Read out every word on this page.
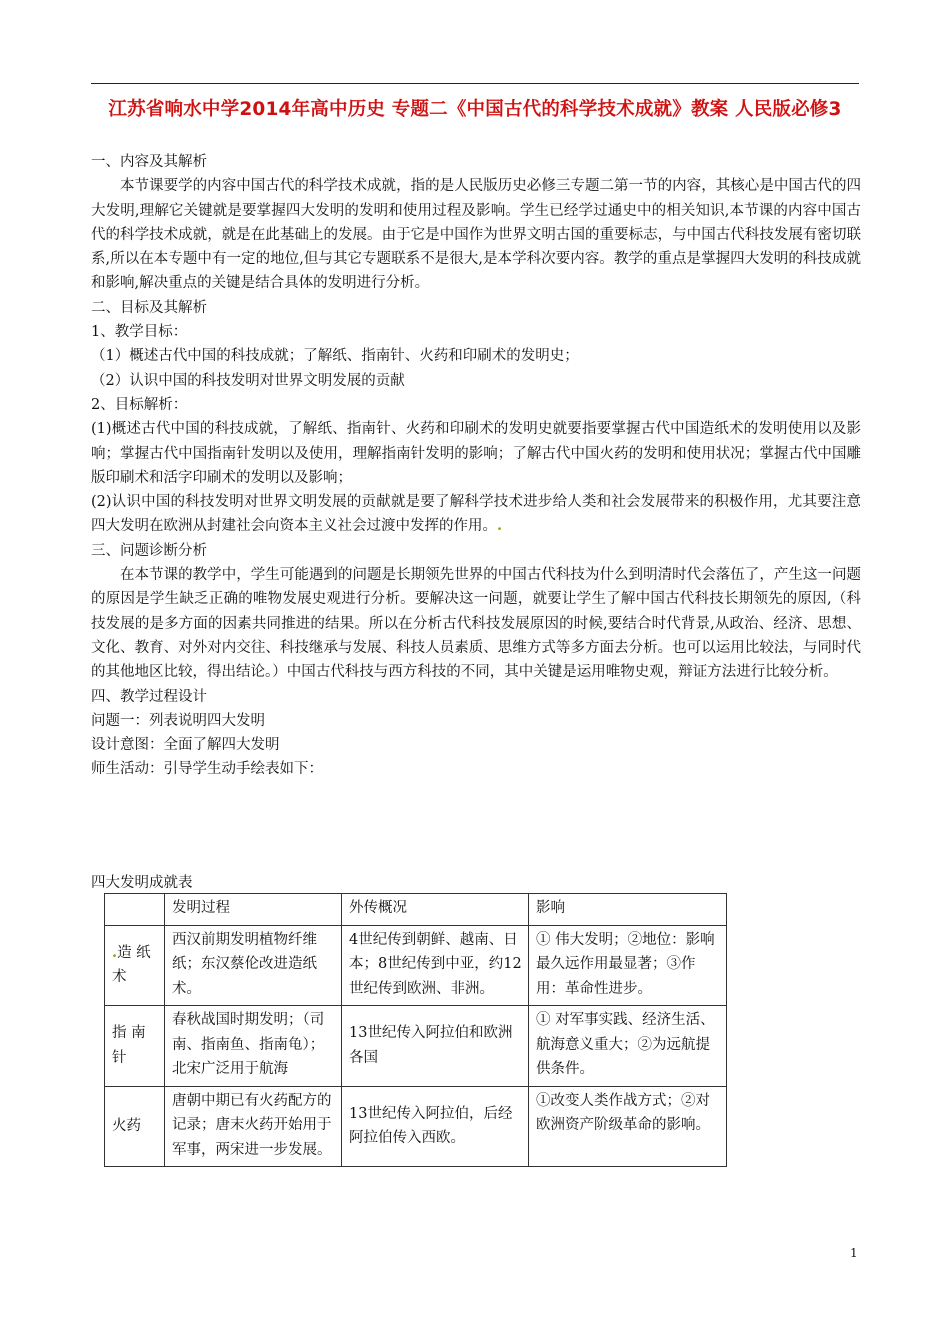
江苏省响水中学2014年高中历史 专题二《中国古代的科学技术成就》教案 人民版必修3

一、内容及其解析

本节课要学的内容中国古代的科学技术成就，指的是人民版历史必修三专题二第一节的内容，其核心是中国古代的四大发明,理解它关键就是要掌握四大发明的发明和使用过程及影响。学生已经学过通史中的相关知识,本节课的内容中国古代的科学技术成就，就是在此基础上的发展。由于它是中国作为世界文明古国的重要标志，与中国古代科技发展有密切联系,所以在本专题中有一定的地位,但与其它专题联系不是很大,是本学科次要内容。教学的重点是掌握四大发明的科技成就和影响,解决重点的关键是结合具体的发明进行分析。

二、目标及其解析

1、教学目标：

（1）概述古代中国的科技成就；了解纸、指南针、火药和印刷术的发明史；

（2）认识中国的科技发明对世界文明发展的贡献

2、目标解析：

(1)概述古代中国的科技成就，了解纸、指南针、火药和印刷术的发明史就要指要掌握古代中国造纸术的发明使用以及影响；掌握古代中国指南针发明以及使用，理解指南针发明的影响；了解古代中国火药的发明和使用状况；掌握古代中国雕版印刷术和活字印刷术的发明以及影响；

(2)认识中国的科技发明对世界文明发展的贡献就是要了解科学技术进步给人类和社会发展带来的积极作用，尤其要注意四大发明在欧洲从封建社会向资本主义社会过渡中发挥的作用。.

三、问题诊断分析

在本节课的教学中，学生可能遇到的问题是长期领先世界的中国古代科技为什么到明清时代会落伍了，产生这一问题的原因是学生缺乏正确的唯物发展史观进行分析。要解决这一问题，就要让学生了解中国古代科技长期领先的原因,（科技发展的是多方面的因素共同推进的结果。所以在分析古代科技发展原因的时候,要结合时代背景,从政治、经济、思想、文化、教育、对外对内交往、科技继承与发展、科技人员素质、思维方式等多方面去分析。也可以运用比较法，与同时代的其他地区比较，得出结论。）中国古代科技与西方科技的不同，其中关键是运用唯物史观，辩证方法进行比较分析。

四、教学过程设计

问题一：列表说明四大发明

设计意图：全面了解四大发明

师生活动：引导学生动手绘表如下：

四大发明成就表
	发明过程	外传概况	影响
.造 纸
术	西汉前期发明植物纤维纸；东汉蔡伦改进造纸术。	4世纪传到朝鲜、越南、日本；8世纪传到中亚，约12世纪传到欧洲、非洲。	① 伟大发明；②地位：影响最久远作用最显著；③作用：革命性进步。
指 南
针	春秋战国时期发明；（司南、指南鱼、指南龟）；北宋广泛用于航海	13世纪传入阿拉伯和欧洲各国	① 对军事实践、经济生活、航海意义重大；②为远航提供条件。
火药	唐朝中期已有火药配方的记录；唐末火药开始用于军事，两宋进一步发展。	13世纪传入阿拉伯，后经阿拉伯传入西欧。	①改变人类作战方式；②对欧洲资产阶级革命的影响。
1
